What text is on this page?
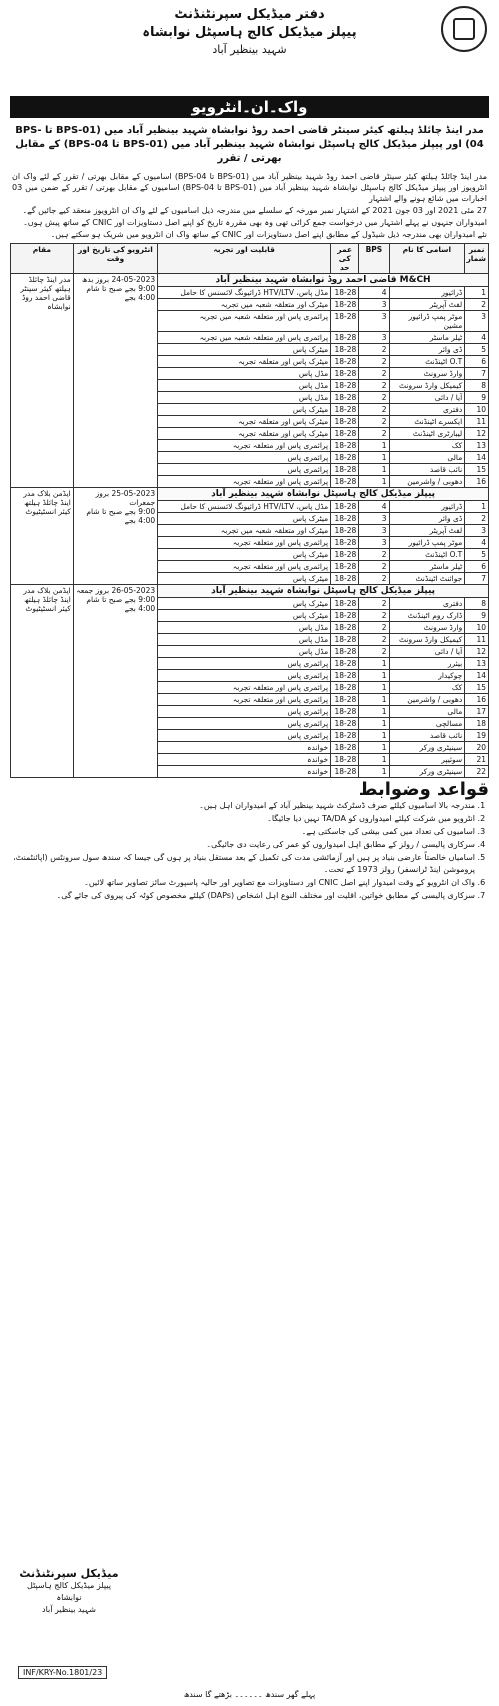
دفتر میڈیکل سپرنٹنڈنٹ
پیپلز میڈیکل کالج ہاسپٹل نوابشاہ
شہید بینظیر آباد
واک۔ان۔انٹرویو
مدر اینڈ چائلڈ ہیلتھ کیئر سینٹر قاضی احمد روڈ نوابشاہ شہید بینظیر آباد میں (BPS-01 تا BPS-04) اور پیپلز میڈیکل کالج ہاسپٹل نوابشاہ شہید بینظیر آباد میں (BPS-01 تا BPS-04) کے مقابل بھرتی / تقرر

مدر اینڈ چائلڈ ہیلتھ کیئر سینٹر قاضی احمد روڈ شہید بینظیر آباد میں (BPS-01 تا BPS-04) اسامیوں کے مقابل بھرتی / تقرر کے لئے واک ان انٹرویوز اور پیپلز میڈیکل کالج ہاسپٹل نوابشاہ شہید بینظیر آباد میں (BPS-01 تا BPS-04) اسامیوں کے مقابل بھرتی / تقرر کے ضمن میں 03 اخبارات میں شائع ہونے والے اشتہار

27 مئی 2021 اور 03 جون 2021 کے اشتہار نمبر مورخہ کے سلسلے میں مندرجہ ذیل اسامیوں کے لئے واک ان انٹرویوز منعقد کیے جائیں گے۔

امیدواران جنہوں نے پہلے اشتہار میں درخواست جمع کرائی تھی وہ بھی مقررہ تاریخ کو اپنے اصل دستاویزات اور CNIC کے ساتھ پیش ہوں۔

نئے امیدواران بھی مندرجہ ذیل شیڈول کے مطابق اپنے اصل دستاویزات اور CNIC کے ساتھ واک ان انٹرویو میں شریک ہو سکتے ہیں۔

نمبر شمار	اسامی کا نام	BPS	عمر کی حد	قابلیت اور تجربہ	انٹرویو کی تاریخ اور وقت	مقام
M&CH قاضی احمد روڈ نوابشاہ شہید بینظیر آباد					24-05-2023 بروز بدھ
9:00 بجے صبح تا شام 4:00 بجے	مدر اینڈ چائلڈ ہیلتھ کیئر سینٹر قاضی احمد روڈ نوابشاہ
1	ڈرائیور	4	18-28	مڈل پاس، HTV/LTV ڈرائیونگ لائسنس کا حامل		
2	لفٹ آپریٹر	3	18-28	میٹرک اور متعلقہ شعبہ میں تجربہ		
3	موٹر پمپ ڈرائیور مشین	3	18-28	پرائمری پاس اور متعلقہ شعبہ میں تجربہ		
4	ٹیلر ماسٹر	3	18-28	پرائمری پاس اور متعلقہ شعبہ میں تجربہ		
5	ڈی وائر	2	18-28	میٹرک پاس		
6	O.T اٹینڈنٹ	2	18-28	میٹرک پاس اور متعلقہ تجربہ		
7	وارڈ سرونٹ	2	18-28	مڈل پاس		
8	کیمیکل وارڈ سرونٹ	2	18-28	مڈل پاس		
9	آیا / دائی	2	18-28	مڈل پاس		
10	دفتری	2	18-28	میٹرک پاس		
11	ایکسرے اٹینڈنٹ	2	18-28	میٹرک پاس اور متعلقہ تجربہ		
12	لیبارٹری اٹینڈنٹ	2	18-28	میٹرک پاس اور متعلقہ تجربہ		
13	کک	1	18-28	پرائمری پاس اور متعلقہ تجربہ		
14	مالی	1	18-28	پرائمری پاس		
15	نائب قاصد	1	18-28	پرائمری پاس		
16	دھوبی / واشرمین	1	18-28	پرائمری پاس اور متعلقہ تجربہ		
پیپلز میڈیکل کالج ہاسپٹل نوابشاہ شہید بینظیر آباد					25-05-2023 بروز جمعرات
9:00 بجے صبح تا شام 4:00 بجے	ایڈمن بلاک مدر اینڈ چائلڈ ہیلتھ کیئر انسٹیٹیوٹ
1	ڈرائیور	4	18-28	مڈل پاس، HTV/LTV ڈرائیونگ لائسنس کا حامل		
2	ڈی وائر	3	18-28	میٹرک پاس		
3	لفٹ آپریٹر	3	18-28	میٹرک اور متعلقہ شعبہ میں تجربہ		
4	موٹر پمپ ڈرائیور	3	18-28	پرائمری پاس اور متعلقہ تجربہ		
5	O.T اٹینڈنٹ	2	18-28	میٹرک پاس		
6	ٹیلر ماسٹر	2	18-28	پرائمری پاس اور متعلقہ تجربہ		
7	جوائنٹ اٹینڈنٹ	2	18-28	میٹرک پاس		
پیپلز میڈیکل کالج ہاسپٹل نوابشاہ شہید بینظیر آباد					26-05-2023 بروز جمعہ
9:00 بجے صبح تا شام 4:00 بجے	ایڈمن بلاک مدر اینڈ چائلڈ ہیلتھ کیئر انسٹیٹیوٹ
8	دفتری	2	18-28	میٹرک پاس		
9	ڈارک روم اٹینڈنٹ	2	18-28	میٹرک پاس		
10	وارڈ سرونٹ	2	18-28	مڈل پاس		
11	کیمیکل وارڈ سرونٹ	2	18-28	مڈل پاس		
12	آیا / دائی	2	18-28	مڈل پاس		
13	بیئرر	1	18-28	پرائمری پاس		
14	چوکیدار	1	18-28	پرائمری پاس		
15	کک	1	18-28	پرائمری پاس اور متعلقہ تجربہ		
16	دھوبی / واشرمین	1	18-28	پرائمری پاس اور متعلقہ تجربہ		
17	مالی	1	18-28	پرائمری پاس		
18	مسالچی	1	18-28	پرائمری پاس		
19	نائب قاصد	1	18-28	پرائمری پاس		
20	سینیٹری ورکر	1	18-28	خواندہ		
21	سوئیپر	1	18-28	خواندہ		
22	سینیٹری ورکر	1	18-28	خواندہ		
قواعد وضوابط
1. مندرجہ بالا اسامیوں کیلئے صرف ڈسٹرکٹ شہید بینظیر آباد کے امیدواران اہل ہیں۔
2. انٹرویو میں شرکت کیلئے امیدواروں کو TA/DA نہیں دیا جائیگا۔
3. اسامیوں کی تعداد میں کمی بیشی کی جاسکتی ہے۔
4. سرکاری پالیسی / رولز کے مطابق اہل امیدواروں کو عمر کی رعایت دی جائیگی۔
5. اسامیاں خالصتاً عارضی بنیاد پر ہیں اور آزمائشی مدت کی تکمیل کے بعد مستقل بنیاد پر ہوں گی جیسا کہ سندھ سول سرونٹس (اپائنٹمنٹ، پروموشن اینڈ ٹرانسفر) رولز 1973 کے تحت۔
6. واک ان انٹرویو کے وقت امیدوار اپنے اصل CNIC اور دستاویزات مع تصاویر اور حالیہ پاسپورٹ سائز تصاویر ساتھ لائیں۔
7. سرکاری پالیسی کے مطابق خواتین، اقلیت اور مختلف النوع اہل اشخاص (DAPs) کیلئے مخصوص کوٹہ کی پیروی کی جائے گی۔
میڈیکل سپرنٹنڈنٹ
پیپلز میڈیکل کالج ہاسپٹل نوابشاہ
شہید بینظیر آباد
INF/KRY-No.1801/23
پہلے گھر سندھ ۔۔۔۔۔۔ بڑھتے گا سندھ
